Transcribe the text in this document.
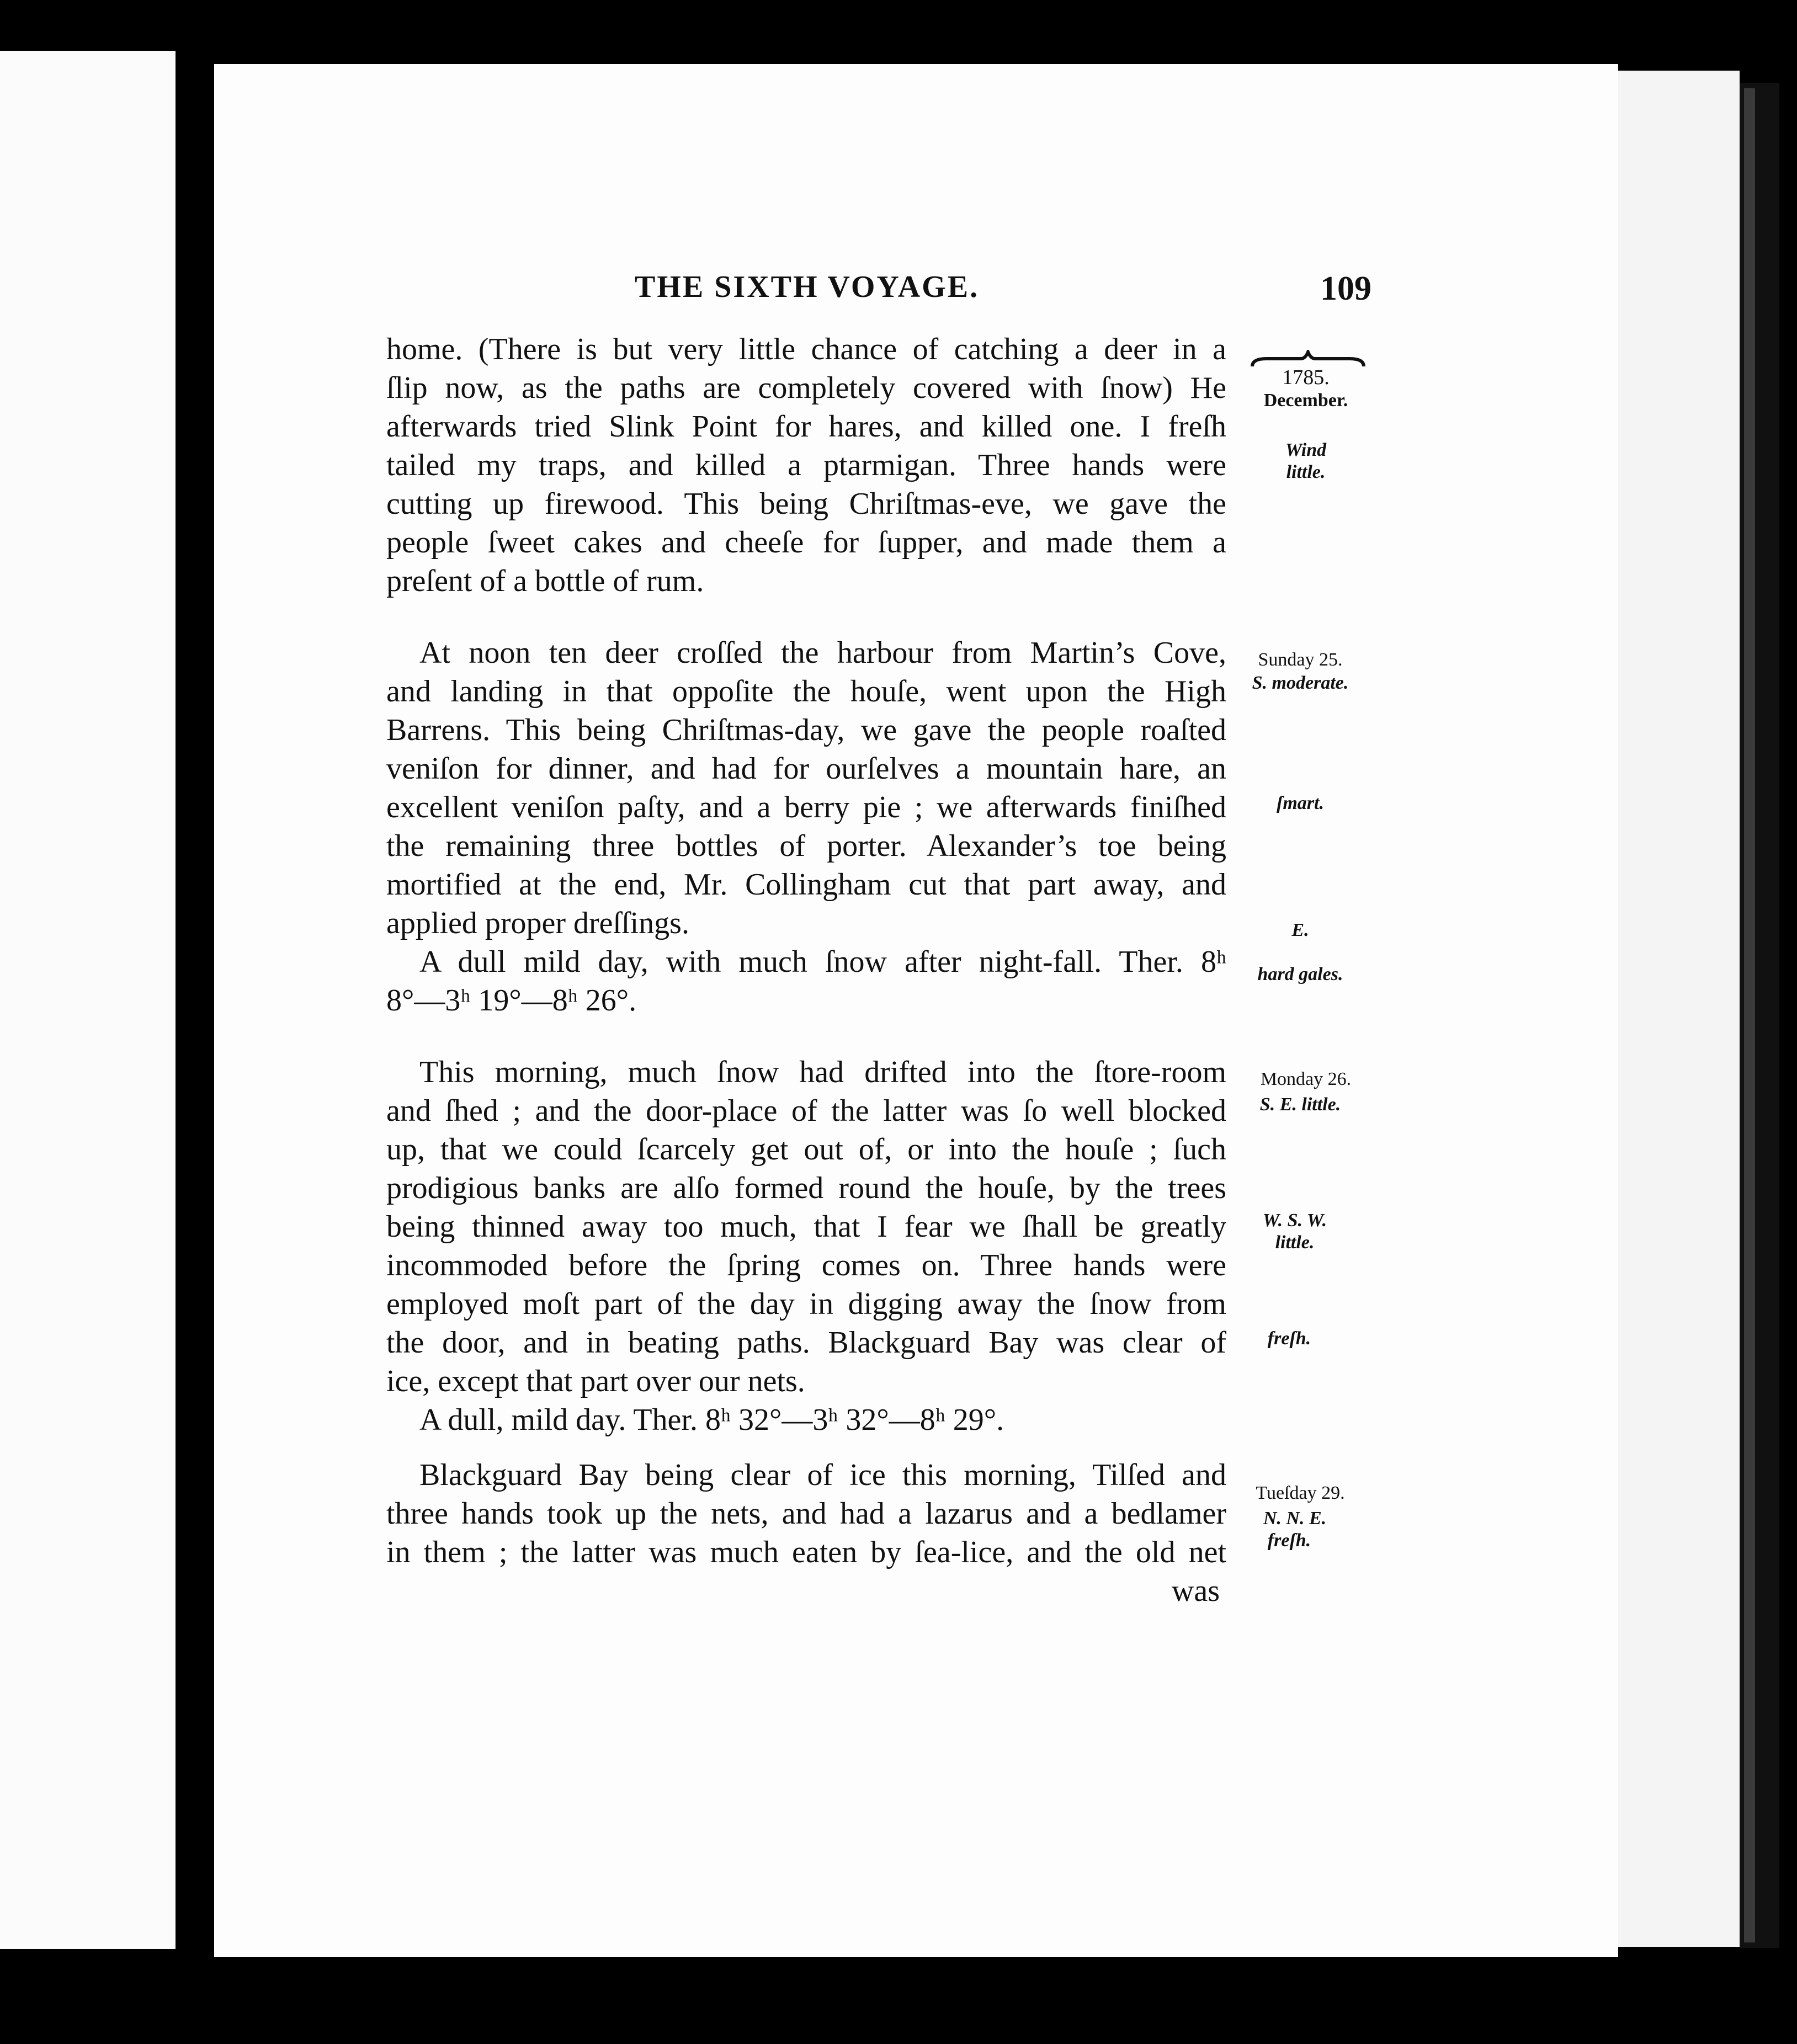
THE SIXTH VOYAGE.	109
home. (There is but very little chance of catching a deer in a
ſlip now, as the paths are completely covered with ſnow) He
afterwards tried Slink Point for hares, and killed one. I freſh
tailed my traps, and killed a ptarmigan. Three hands were
cutting up firewood. This being Chriſtmas-eve, we gave the
people ſweet cakes and cheeſe for ſupper, and made them a
preſent of a bottle of rum.
At noon ten deer croſſed the harbour from Martin’s Cove,
and landing in that oppoſite the houſe, went upon the High
Barrens. This being Chriſtmas-day, we gave the people roaſted
veniſon for dinner, and had for ourſelves a mountain hare, an
excellent veniſon paſty, and a berry pie ; we afterwards finiſhed
the remaining three bottles of porter. Alexander’s toe being
mortified at the end, Mr. Collingham cut that part away, and
applied proper dreſſings.
A dull mild day, with much ſnow after night-fall. Ther. 8ʰ
8°—3ʰ 19°—8ʰ 26°.
This morning, much ſnow had drifted into the ſtore-room
and ſhed ; and the door-place of the latter was ſo well blocked
up, that we could ſcarcely get out of, or into the houſe ; ſuch
prodigious banks are alſo formed round the houſe, by the trees
being thinned away too much, that I fear we ſhall be greatly
incommoded before the ſpring comes on. Three hands were
employed moſt part of the day in digging away the ſnow from
the door, and in beating paths. Blackguard Bay was clear of
ice, except that part over our nets.
A dull, mild day. Ther. 8ʰ 32°—3ʰ 32°—8ʰ 29°.
Blackguard Bay being clear of ice this morning, Tilſed and
three hands took up the nets, and had a lazarus and a bedlamer
in them ; the latter was much eaten by ſea-lice, and the old net
was
1785.
December.
Wind
little.
Sunday 25.
S. moderate.
ſmart.
E.
hard gales.
Monday 26.
S. E. little.
W. S. W.
little.
freſh.
Tueſday 29.
N. N. E.
freſh.
